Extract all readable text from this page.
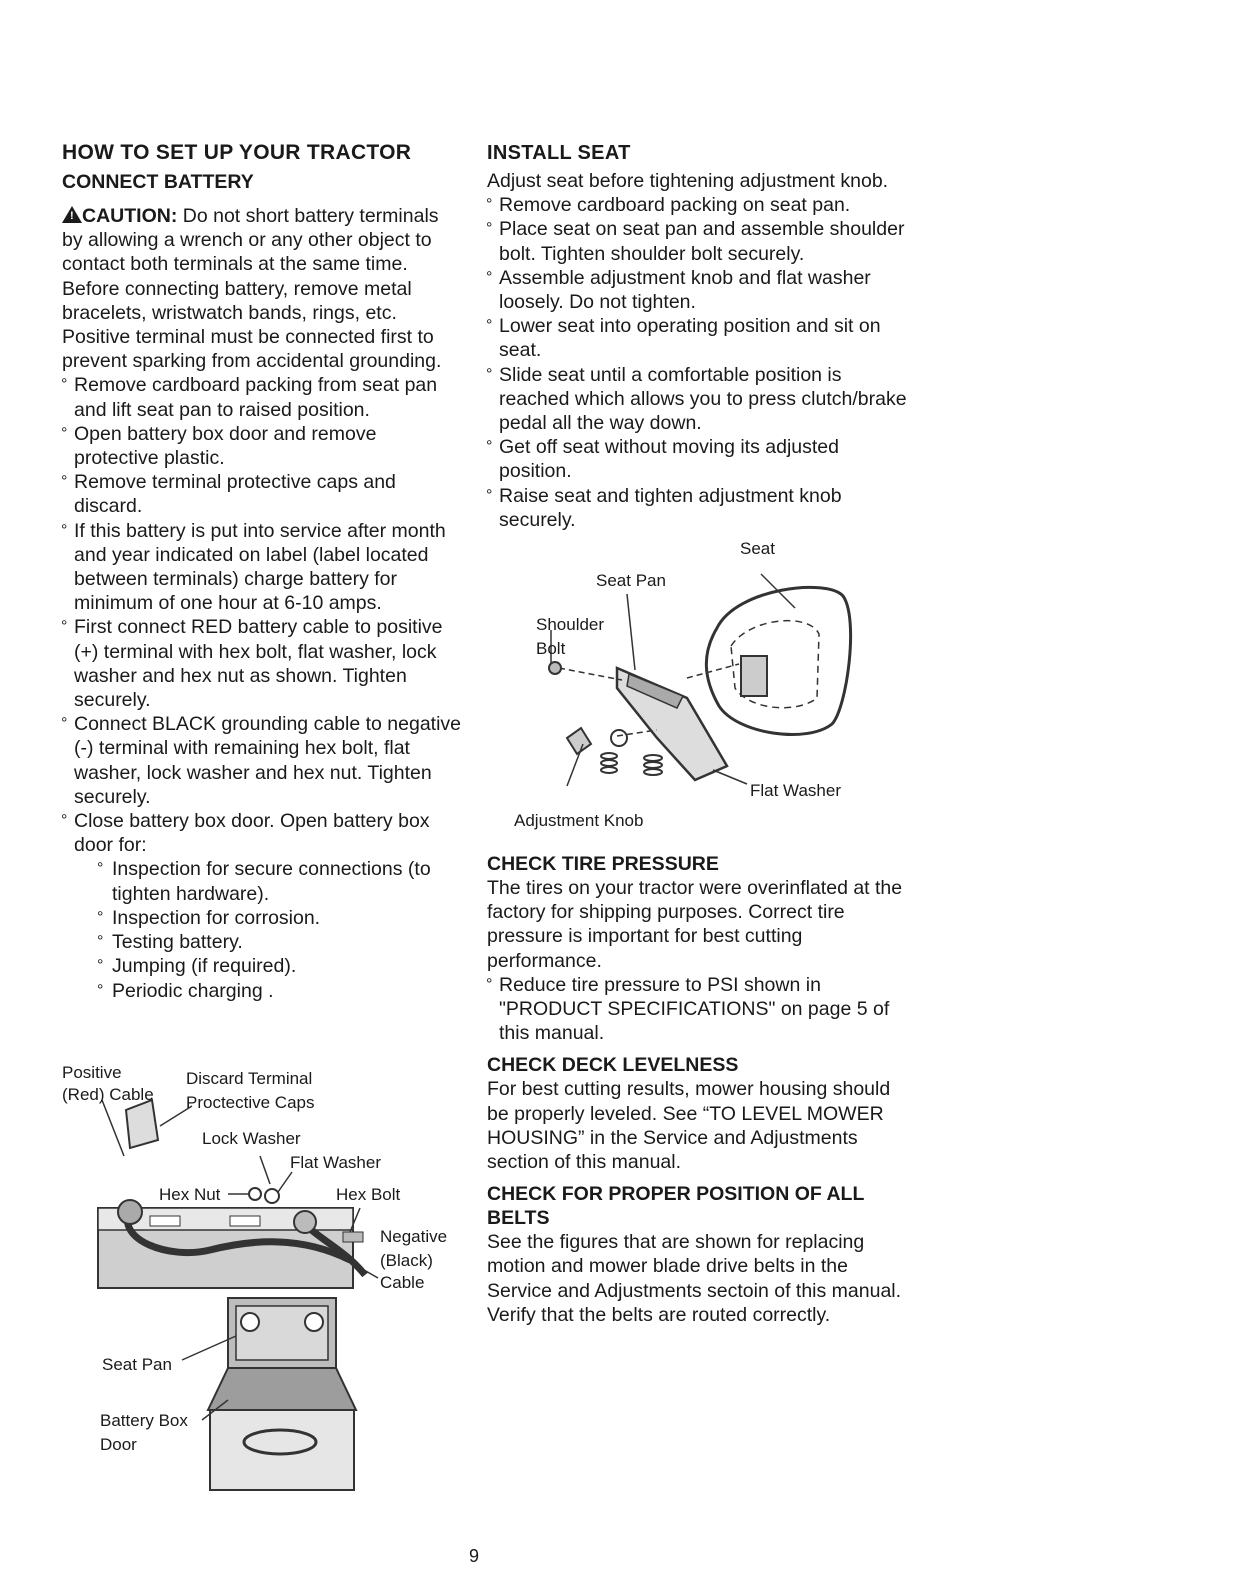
HOW TO SET UP YOUR TRACTOR
CONNECT BATTERY

! CAUTION: Do not short battery terminals by allowing a wrench or any other object to contact both terminals at the same time. Before connecting battery, remove metal bracelets, wristwatch bands, rings, etc. Positive terminal must be connected first to prevent sparking from accidental grounding.

° Remove cardboard packing from seat pan and lift seat pan to raised position.
° Open battery box door and remove protective plastic.
° Remove terminal protective caps and discard.
° If this battery is put into service after month and year indicated on label (label located between terminals) charge battery for minimum of one hour at 6-10 amps.
° First connect RED battery cable to positive (+) terminal with hex bolt, flat washer, lock washer and hex nut as shown. Tighten securely.
° Connect BLACK grounding cable to negative (-) terminal with remaining hex bolt, flat washer, lock washer and hex nut. Tighten securely.
° Close battery box door. Open battery box door for:
° Inspection for secure connections (to tighten hardware).
° Inspection for corrosion.
° Testing battery.
° Jumping (if required).
° Periodic charging .
Positive
(Red) Cable
Discard Terminal
Proctective Caps
Lock Washer
Flat Washer
Hex Nut	Hex Bolt
Negative
(Black)
Cable
Seat Pan
Battery Box
Door
INSTALL SEAT

Adjust seat before tightening adjustment knob.

° Remove cardboard packing on seat pan.
° Place seat on seat pan and assemble shoulder bolt. Tighten shoulder bolt securely.
° Assemble adjustment knob and flat washer loosely. Do not tighten.
° Lower seat into operating position and sit on seat.
° Slide seat until a comfortable position is reached which allows you to press clutch/brake pedal all the way down.
° Get off seat without moving its adjusted position.
° Raise seat and tighten adjustment knob securely.
Seat
Seat Pan
Shoulder
Bolt
Flat Washer
Adjustment Knob
CHECK TIRE PRESSURE

The tires on your tractor were overinflated at the factory for shipping purposes. Correct tire pressure is important for best cutting performance.

° Reduce tire pressure to PSI shown in "PRODUCT SPECIFICATIONS" on page 5 of this manual.
CHECK DECK LEVELNESS

For best cutting results, mower housing should be properly leveled. See “TO LEVEL MOWER HOUSING” in the Service and Adjustments section of this manual.

CHECK FOR PROPER POSITION OF ALL BELTS

See the figures that are shown for replacing motion and mower blade drive belts in the Service and Adjustments sectoin of this manual. Verify that the belts are routed correctly.

9
